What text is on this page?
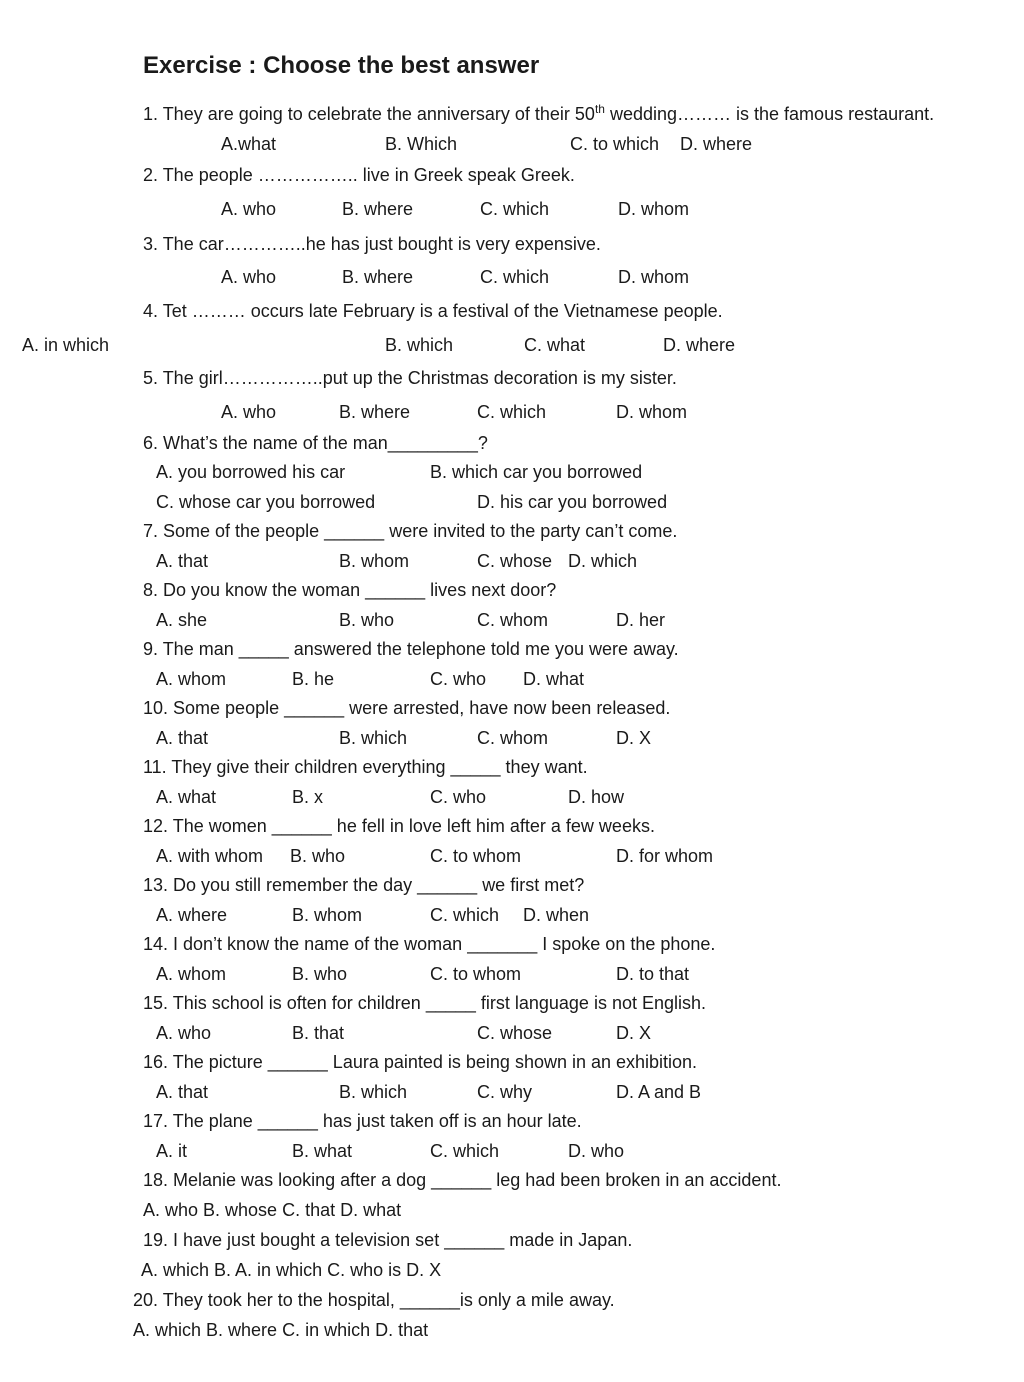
Exercise : Choose the best answer
1. They are going to celebrate the anniversary of their 50th wedding……… is the famous restaurant.
A.what	B. Which	C. to which D. where
2. The people …………….. live in Greek speak Greek.
A. who	B. where	C. which	D. whom
3. The car…………..he has just bought is very expensive.
A. who	B. where	C. which	D. whom
4. Tet ……… occurs late February is a festival of the Vietnamese people.
A. in which	B. which	C. what	D. where
5. The girl……………..put up the Christmas decoration is my sister.
A. who	B. where	C. which	D. whom
6. What’s the name of the man_________?
A. you borrowed his car	B. which car you borrowed
C. whose car you borrowed	D. his car you borrowed
7. Some of the people ______ were invited to the party can’t come.
A. that	B. whom	C. whose D. which
8. Do you know the woman ______ lives next door?
A. she	B. who	C. whom	D. her
9. The man _____ answered the telephone told me you were away.
A. whom	B. he	C. who D. what
10. Some people ______ were arrested, have now been released.
A. that	B. which	C. whom	D. X
11. They give their children everything _____ they want.
A. what	B. x	C. who	D. how
12. The women ______ he fell in love left him after a few weeks.
A. with whom B. who	C. to whom	D. for whom
13. Do you still remember the day ______ we first met?
A. where	B. whom	C. which D. when
14. I don’t know the name of the woman _______ I spoke on the phone.
A. whom	B. who	C. to whom	D. to that
15. This school is often for children _____ first language is not English.
A. who	B. that	C. whose	D. X
16. The picture ______ Laura painted is being shown in an exhibition.
A. that	B. which	C. why	D. A and B
17. The plane ______ has just taken off is an hour late.
A. it	B. what	C. which	D. who
18. Melanie was looking after a dog ______ leg had been broken in an accident.
A. who B. whose C. that D. what
19. I have just bought a television set ______ made in Japan.
A. which B. A. in which C. who is D. X
20. They took her to the hospital, ______is only a mile away.
A. which B. where C. in which D. that
